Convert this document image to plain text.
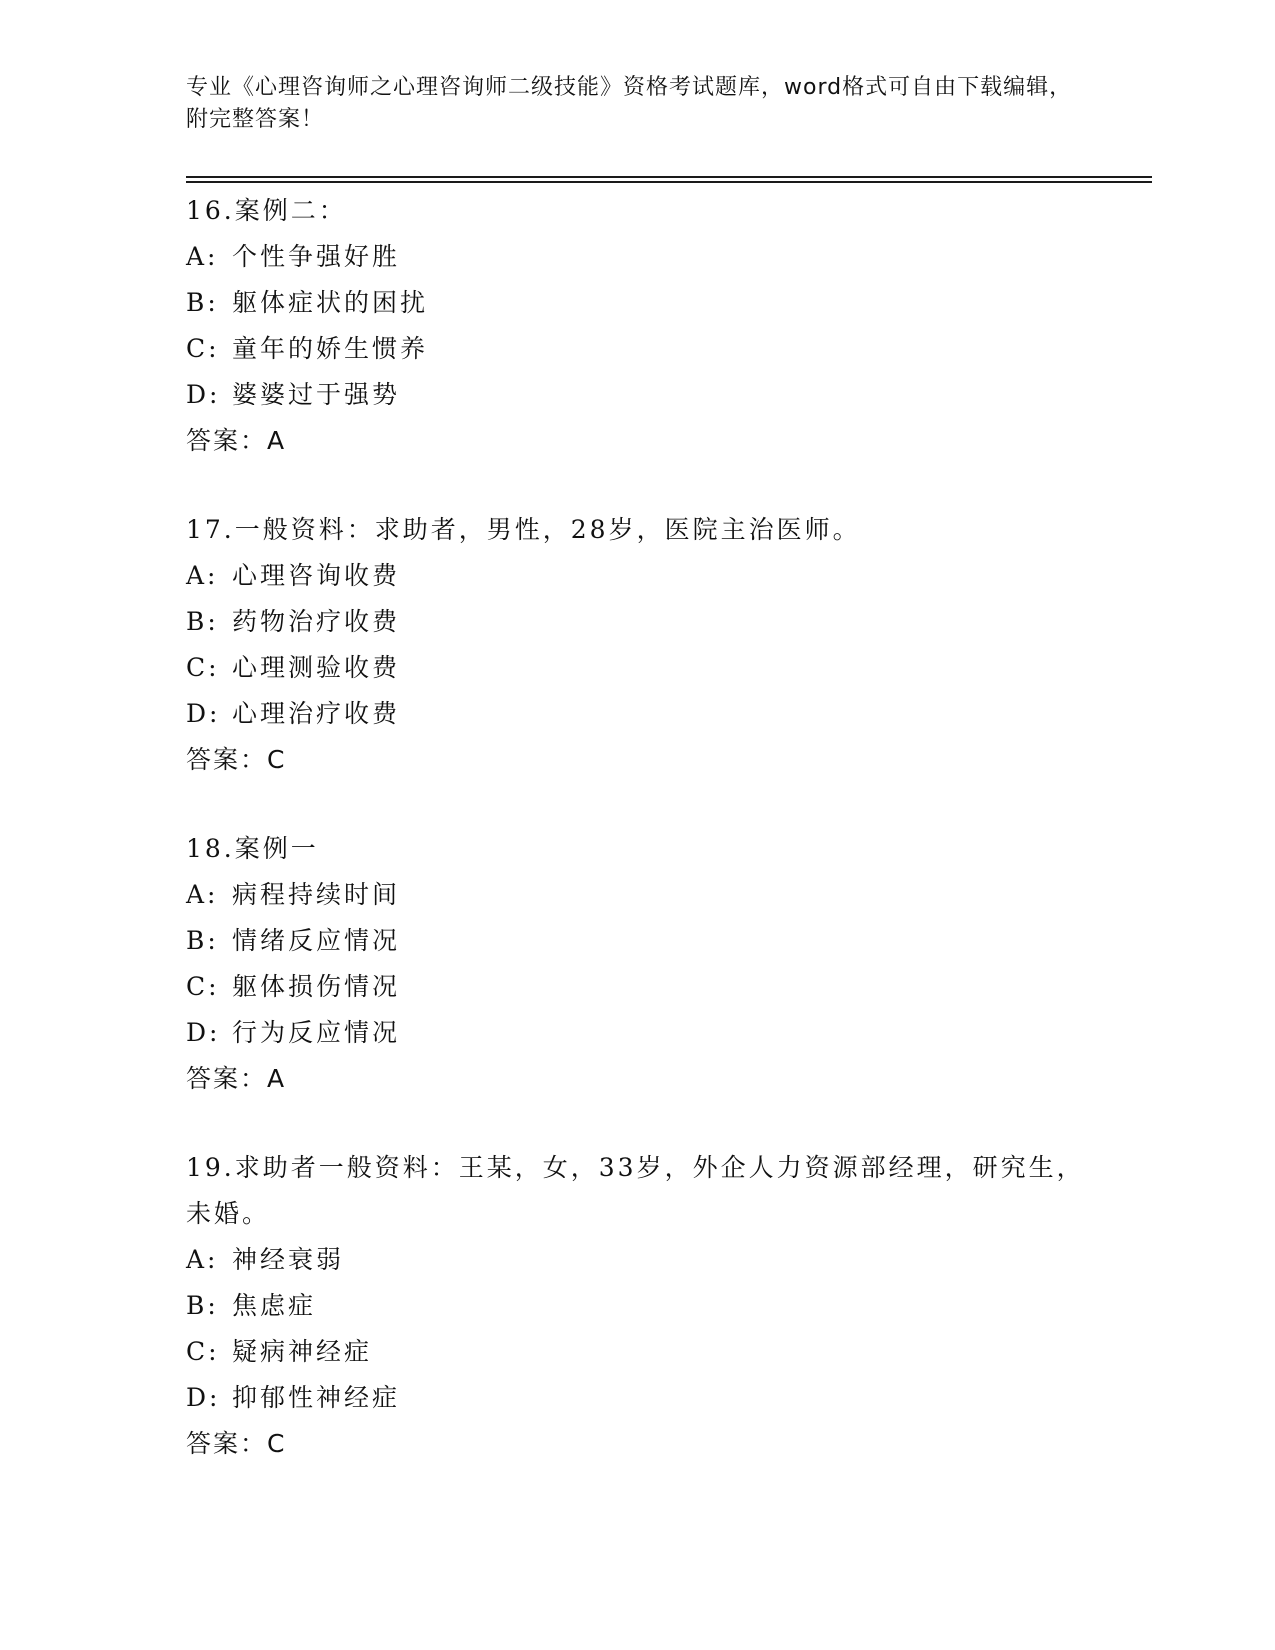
专业《心理咨询师之心理咨询师二级技能》资格考试题库，word格式可自由下载编辑，附完整答案！

16.案例二：

A: 个性争强好胜
B: 躯体症状的困扰
C: 童年的娇生惯养
D: 婆婆过于强势
答案：A

17.一般资料：求助者，男性，28岁，医院主治医师。

A: 心理咨询收费
B: 药物治疗收费
C: 心理测验收费
D: 心理治疗收费
答案：C

18.案例一

A: 病程持续时间
B: 情绪反应情况
C: 躯体损伤情况
D: 行为反应情况
答案：A

19.求助者一般资料：王某，女，33岁，外企人力资源部经理，研究生，未婚。

A: 神经衰弱
B: 焦虑症
C: 疑病神经症
D: 抑郁性神经症
答案：C
